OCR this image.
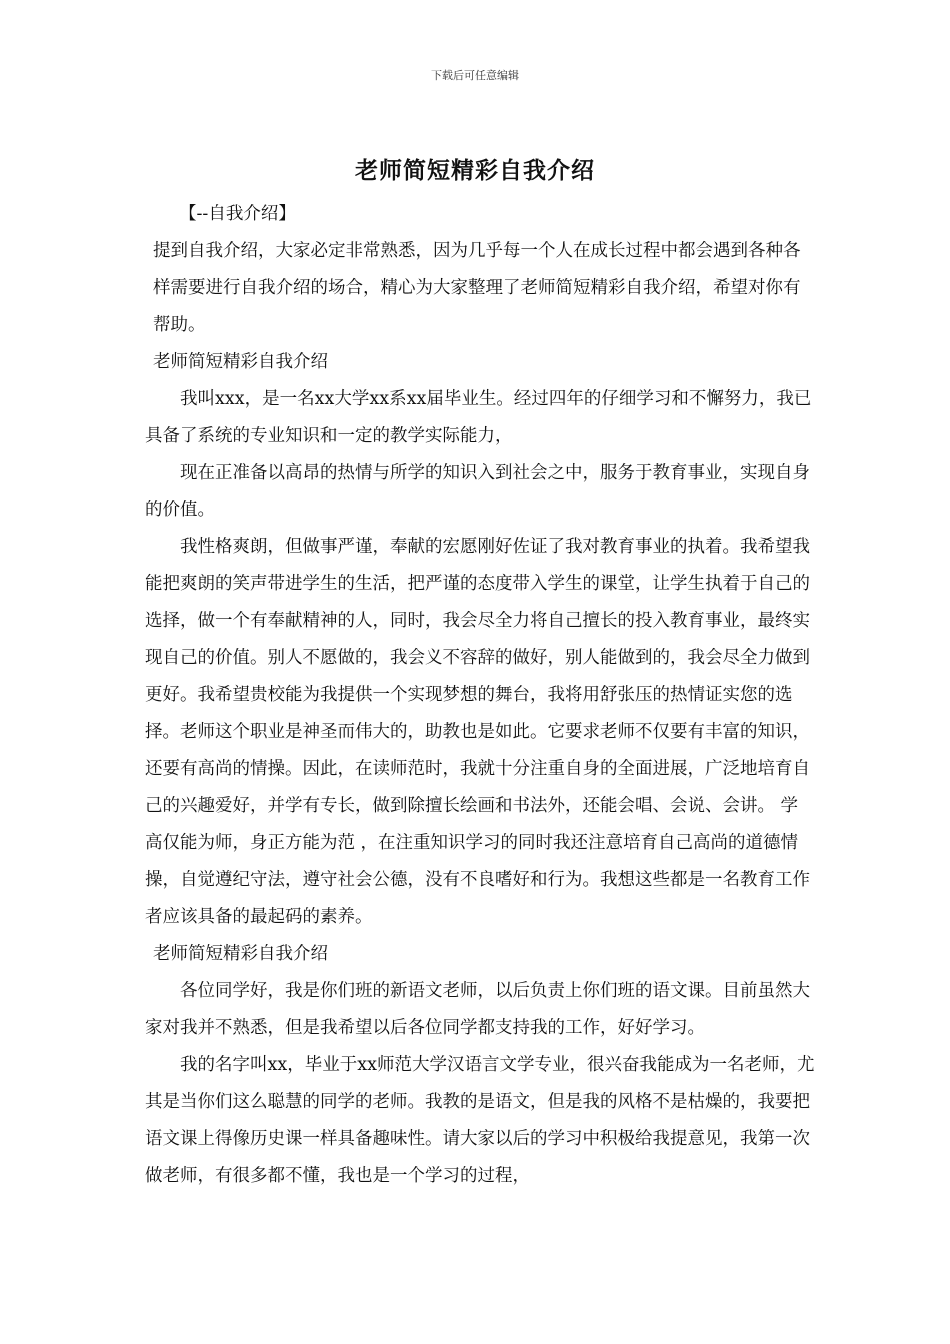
下载后可任意编辑
老师简短精彩自我介绍

【--自我介绍】

提到自我介绍，大家必定非常熟悉，因为几乎每一个人在成长过程中都会遇到各种各样需要进行自我介绍的场合，精心为大家整理了老师简短精彩自我介绍，希望对你有帮助。

老师简短精彩自我介绍

我叫xxx，是一名xx大学xx系xx届毕业生。经过四年的仔细学习和不懈努力，我已具备了系统的专业知识和一定的教学实际能力，

现在正准备以高昂的热情与所学的知识入到社会之中，服务于教育事业，实现自身的价值。

我性格爽朗，但做事严谨，奉献的宏愿刚好佐证了我对教育事业的执着。我希望我能把爽朗的笑声带进学生的生活，把严谨的态度带入学生的课堂，让学生执着于自己的选择，做一个有奉献精神的人，同时，我会尽全力将自己擅长的投入教育事业，最终实现自己的价值。别人不愿做的，我会义不容辞的做好，别人能做到的，我会尽全力做到更好。我希望贵校能为我提供一个实现梦想的舞台，我将用舒张压的热情证实您的选择。老师这个职业是神圣而伟大的，助教也是如此。它要求老师不仅要有丰富的知识，还要有高尚的情操。因此，在读师范时，我就十分注重自身的全面进展，广泛地培育自己的兴趣爱好，并学有专长，做到除擅长绘画和书法外，还能会唱、会说、会讲。 学高仅能为师，身正方能为范 ，在注重知识学习的同时我还注意培育自己高尚的道德情操，自觉遵纪守法，遵守社会公德，没有不良嗜好和行为。我想这些都是一名教育工作者应该具备的最起码的素养。

老师简短精彩自我介绍

各位同学好，我是你们班的新语文老师，以后负责上你们班的语文课。目前虽然大家对我并不熟悉，但是我希望以后各位同学都支持我的工作，好好学习。

我的名字叫xx，毕业于xx师范大学汉语言文学专业，很兴奋我能成为一名老师，尤其是当你们这么聪慧的同学的老师。我教的是语文，但是我的风格不是枯燥的，我要把语文课上得像历史课一样具备趣味性。请大家以后的学习中积极给我提意见，我第一次做老师，有很多都不懂，我也是一个学习的过程，
